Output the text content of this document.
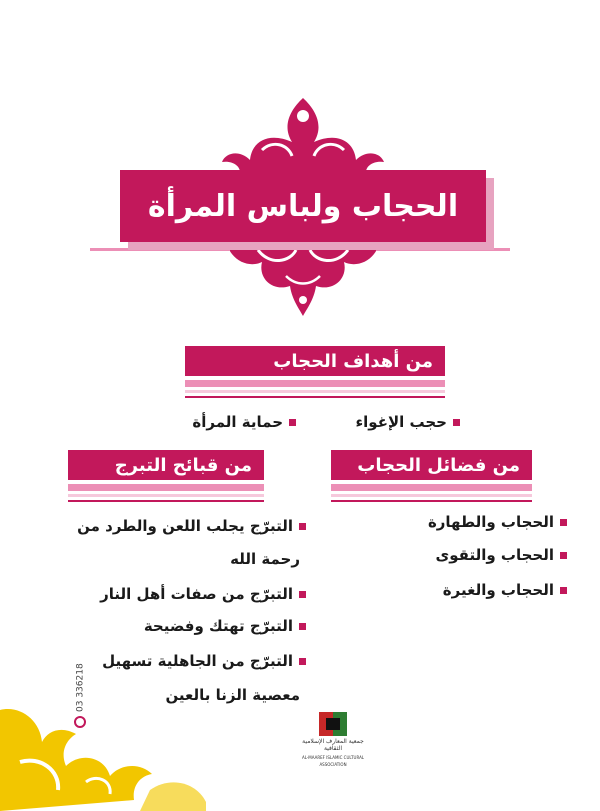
الحجاب ولباس المرأة
من أهداف الحجاب
حجب الإغواء
حماية المرأة
من قبائح التبرج	من فضائل الحجاب
الحجاب والطهارة
الحجاب والتقوى
الحجاب والغيرة
التبرّج يجلب اللعن والطرد من
رحمة الله
التبرّج من صفات أهل النار
التبرّج تهتك وفضيحة
التبرّج من الجاهلية تسهيل
معصية الزنا بالعين
03 336218
جمعية المعارف الإسلامية الثقافية
AL-MAAREF ISLAMIC CULTURAL ASSOCIATION
